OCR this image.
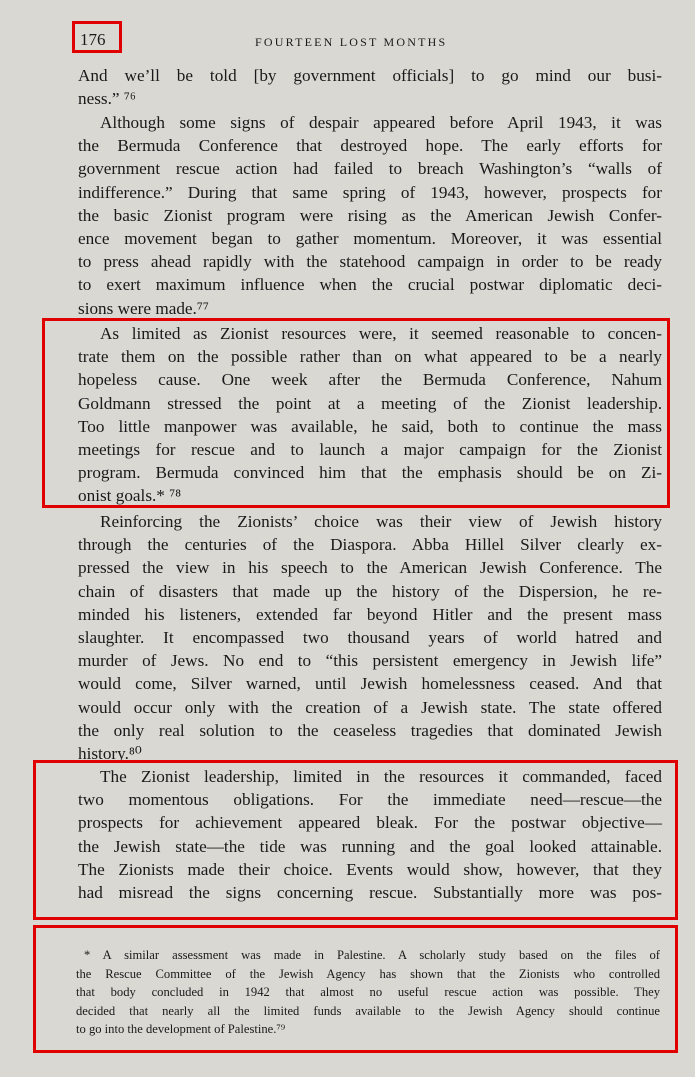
176	FOURTEEN LOST MONTHS

And we’ll be told [by government officials] to go mind our busi-

ness.” ⁷⁶

Although some signs of despair appeared before April 1943, it was

the Bermuda Conference that destroyed hope. The early efforts for

government rescue action had failed to breach Washington’s “walls of

indifference.” During that same spring of 1943, however, prospects for

the basic Zionist program were rising as the American Jewish Confer-

ence movement began to gather momentum. Moreover, it was essential

to press ahead rapidly with the statehood campaign in order to be ready

to exert maximum influence when the crucial postwar diplomatic deci-

sions were made.⁷⁷

As limited as Zionist resources were, it seemed reasonable to concen-

trate them on the possible rather than on what appeared to be a nearly

hopeless cause. One week after the Bermuda Conference, Nahum

Goldmann stressed the point at a meeting of the Zionist leadership.

Too little manpower was available, he said, both to continue the mass

meetings for rescue and to launch a major campaign for the Zionist

program. Bermuda convinced him that the emphasis should be on Zi-

onist goals.* ⁷⁸

Reinforcing the Zionists’ choice was their view of Jewish history

through the centuries of the Diaspora. Abba Hillel Silver clearly ex-

pressed the view in his speech to the American Jewish Conference. The

chain of disasters that made up the history of the Dispersion, he re-

minded his listeners, extended far beyond Hitler and the present mass

slaughter. It encompassed two thousand years of world hatred and

murder of Jews. No end to “this persistent emergency in Jewish life”

would come, Silver warned, until Jewish homelessness ceased. And that

would occur only with the creation of a Jewish state. The state offered

the only real solution to the ceaseless tragedies that dominated Jewish

history.⁸⁰

The Zionist leadership, limited in the resources it commanded, faced

two momentous obligations. For the immediate need—rescue—the

prospects for achievement appeared bleak. For the postwar objective—

the Jewish state—the tide was running and the goal looked attainable.

The Zionists made their choice. Events would show, however, that they

had misread the signs concerning rescue. Substantially more was pos-

* A similar assessment was made in Palestine. A scholarly study based on the files of

the Rescue Committee of the Jewish Agency has shown that the Zionists who controlled

that body concluded in 1942 that almost no useful rescue action was possible. They

decided that nearly all the limited funds available to the Jewish Agency should continue

to go into the development of Palestine.⁷⁹
